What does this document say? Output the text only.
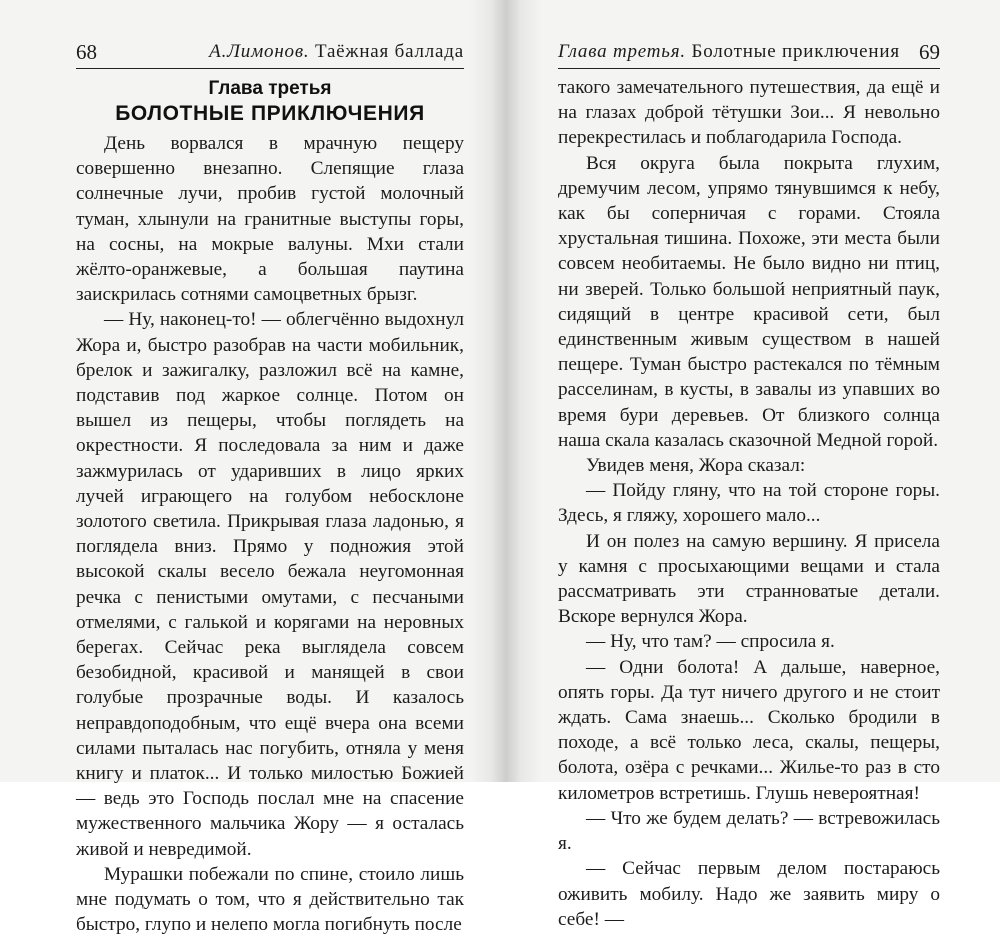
68	А.Лимонов. Таёжная баллада
Глава третья
БОЛОТНЫЕ ПРИКЛЮЧЕНИЯ

День ворвался в мрачную пещеру совершенно внезапно. Слепящие глаза солнечные лучи, пробив густой молочный туман, хлынули на гранитные выступы горы, на сосны, на мокрые валуны. Мхи стали жёлто-оранжевые, а большая паутина заискрилась сотнями самоцветных брызг.

— Ну, наконец-то! — облегчённо выдохнул Жора и, быстро разобрав на части мобильник, брелок и зажигалку, разложил всё на камне, подставив под жаркое солнце. Потом он вышел из пещеры, чтобы поглядеть на окрестности. Я последовала за ним и даже зажмурилась от ударивших в лицо ярких лучей играющего на голубом небосклоне золотого светила. Прикрывая глаза ладонью, я поглядела вниз. Прямо у подножия этой высокой скалы весело бежала неугомонная речка с пенистыми омутами, с песчаными отмелями, с галькой и корягами на неровных берегах. Сейчас река выглядела совсем безобидной, красивой и манящей в свои голубые прозрачные воды. И казалось неправдоподобным, что ещё вчера она всеми силами пыталась нас погубить, отняла у меня книгу и платок... И только милостью Божией — ведь это Господь послал мне на спасение мужественного мальчика Жору — я осталась живой и невредимой.

Мурашки побежали по спине, стоило лишь мне подумать о том, что я действительно так быстро, глупо и нелепо могла погибнуть после

Глава третья. Болотные приключения 69

такого замечательного путешествия, да ещё и на глазах доброй тётушки Зои... Я невольно перекрестилась и поблагодарила Господа.

Вся округа была покрыта глухим, дремучим лесом, упрямо тянувшимся к небу, как бы соперничая с горами. Стояла хрустальная тишина. Похоже, эти места были совсем необитаемы. Не было видно ни птиц, ни зверей. Только большой неприятный паук, сидящий в центре красивой сети, был единственным живым существом в нашей пещере. Туман быстро растекался по тёмным расселинам, в кусты, в завалы из упавших во время бури деревьев. От близкого солнца наша скала казалась сказочной Медной горой.

Увидев меня, Жора сказал:

— Пойду гляну, что на той стороне горы. Здесь, я гляжу, хорошего мало...

И он полез на самую вершину. Я присела у камня с просыхающими вещами и стала рассматривать эти странноватые детали. Вскоре вернулся Жора.

— Ну, что там? — спросила я.

— Одни болота! А дальше, наверное, опять горы. Да тут ничего другого и не стоит ждать. Сама знаешь... Сколько бродили в походе, а всё только леса, скалы, пещеры, болота, озёра с речками... Жилье-то раз в сто километров встретишь. Глушь невероятная!

— Что же будем делать? — встревожилась я.

— Сейчас первым делом постараюсь оживить мобилу. Надо же заявить миру о себе! —
